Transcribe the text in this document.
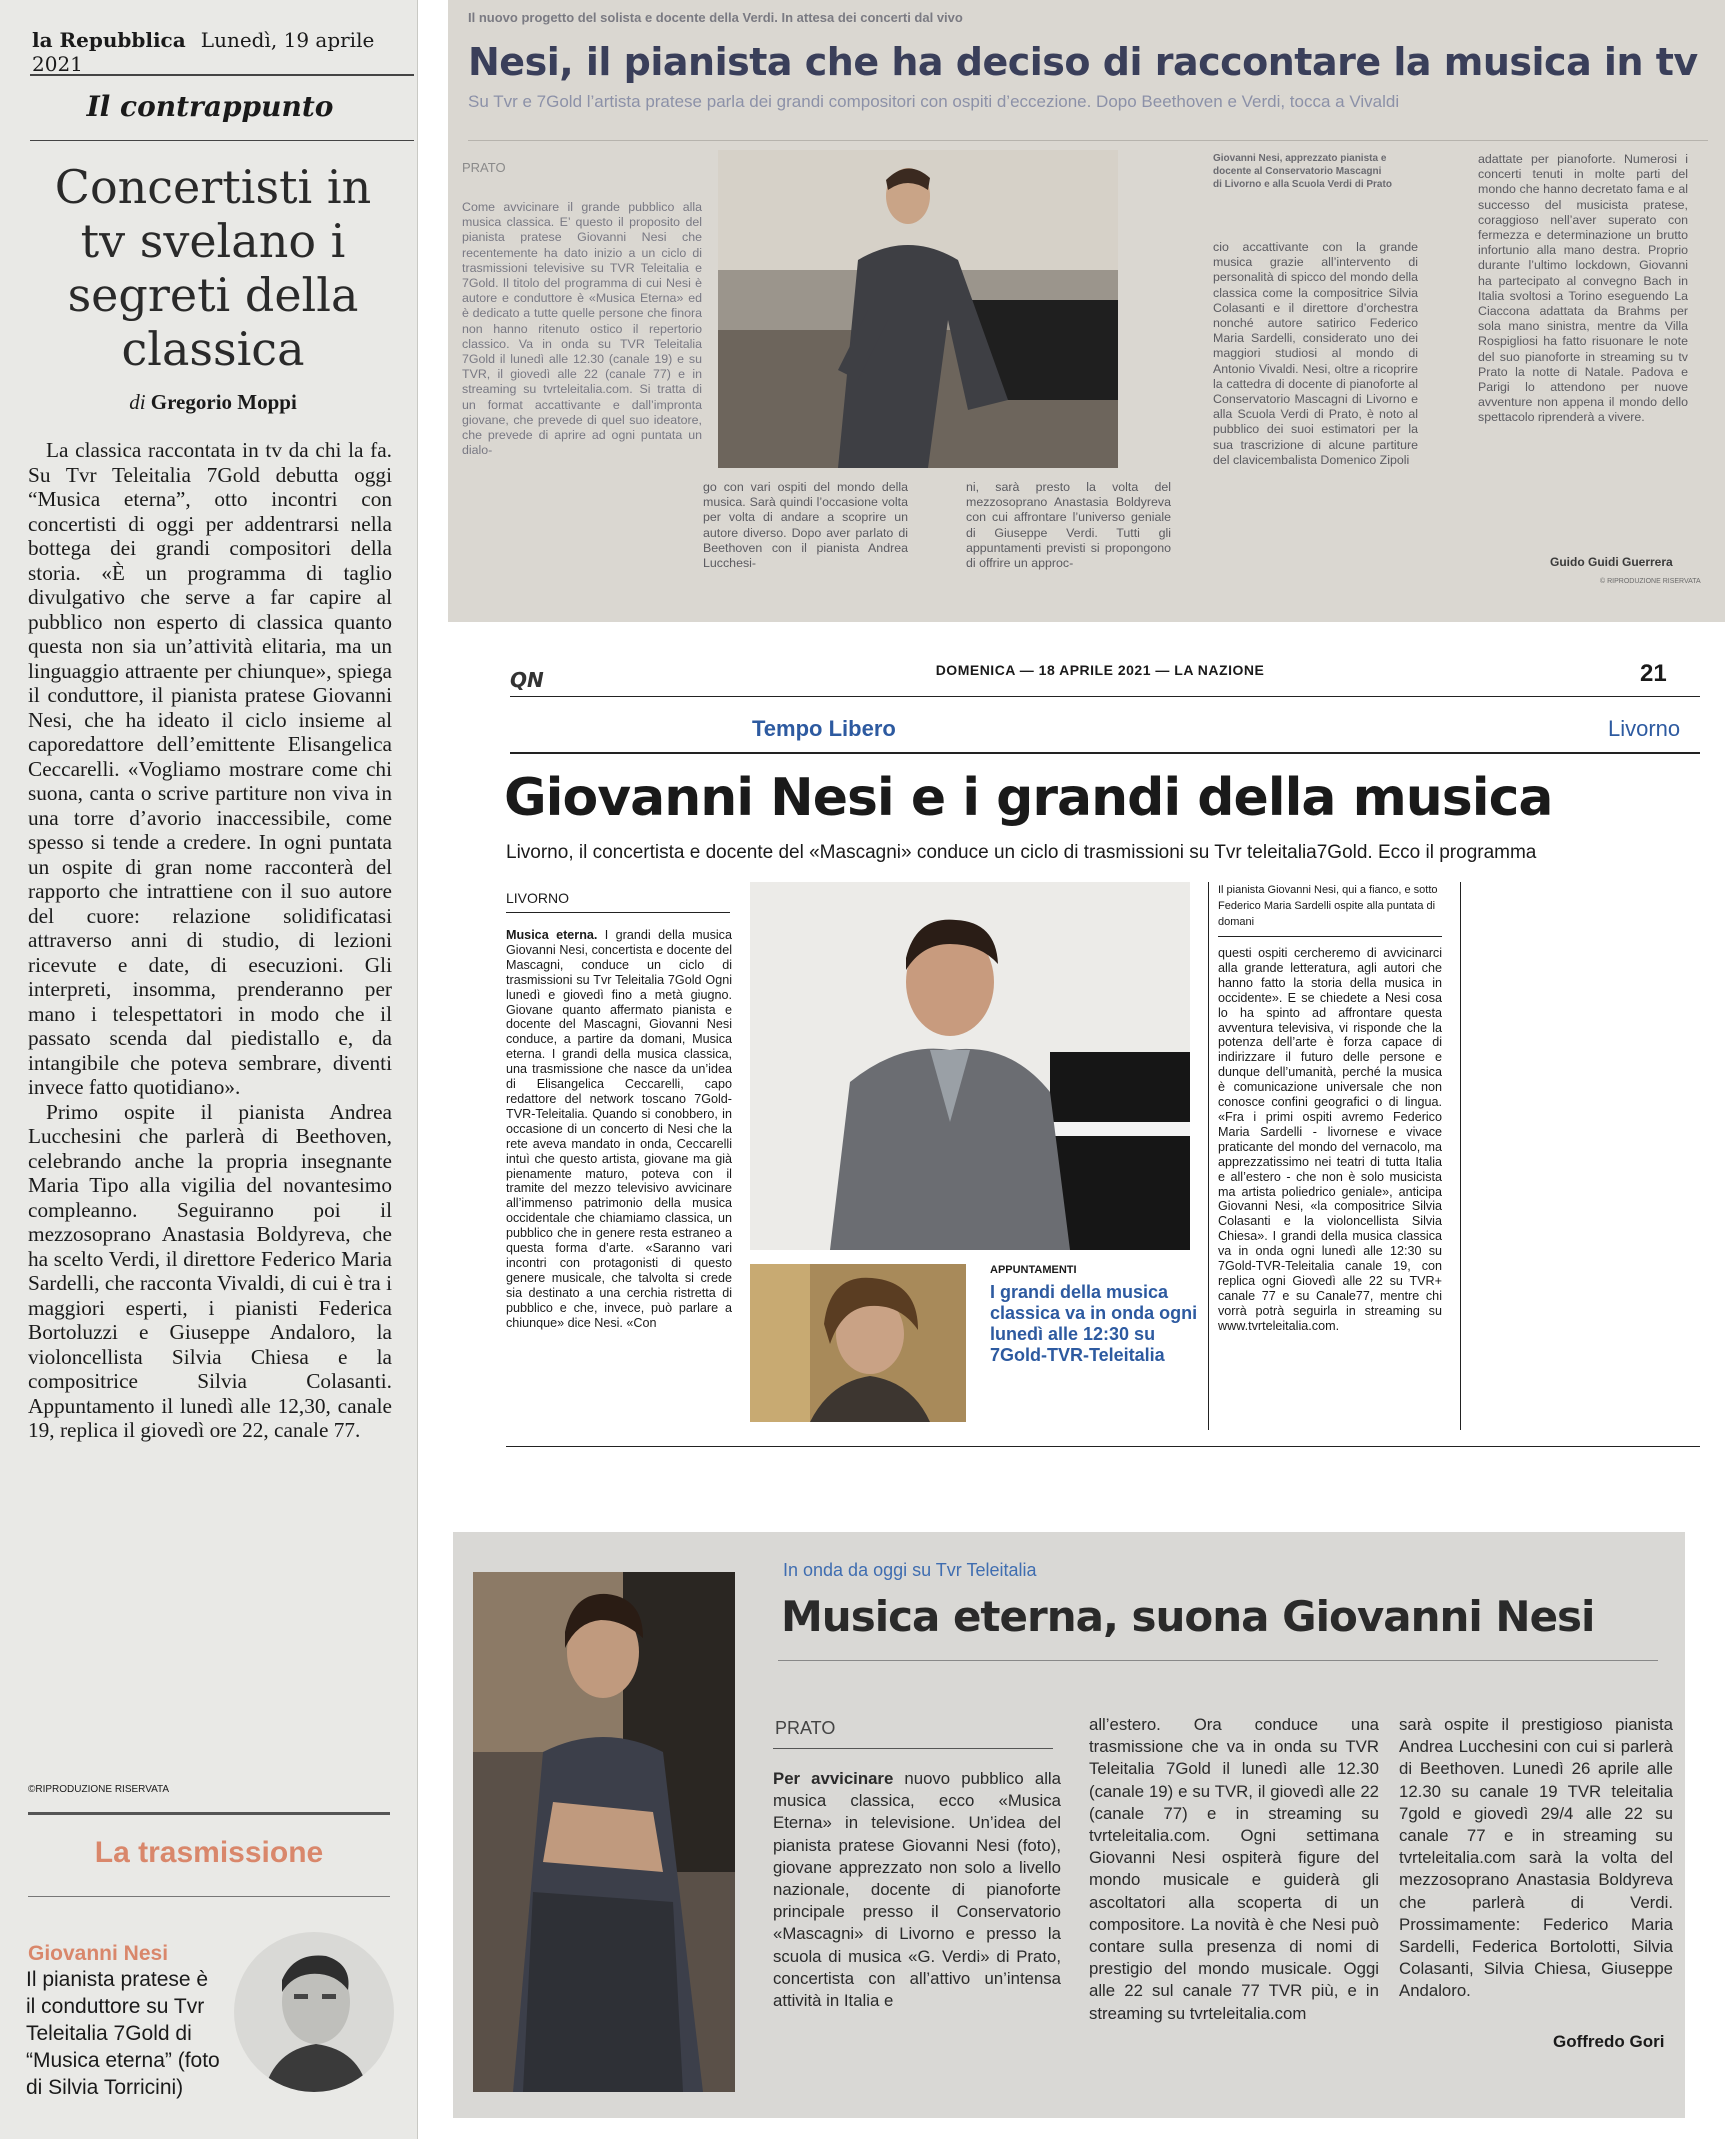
la Repubblica Lunedì, 19 aprile 2021
Il contrappunto
Concertisti in tv svelano i segreti della classica
di Gregorio Moppi

La classica raccontata in tv da chi la fa. Su Tvr Teleitalia 7Gold debutta oggi “Musica eterna”, otto incontri con concertisti di oggi per addentrarsi nella bottega dei grandi compositori della storia. «È un programma di taglio divulgativo che serve a far capire al pubblico non esperto di classica quanto questa non sia un’attività elitaria, ma un linguaggio attraente per chiunque», spiega il conduttore, il pianista pratese Giovanni Nesi, che ha ideato il ciclo insieme al caporedattore dell’emittente Elisangelica Ceccarelli. «Vogliamo mostrare come chi suona, canta o scrive partiture non viva in una torre d’avorio inaccessibile, come spesso si tende a credere. In ogni puntata un ospite di gran nome racconterà del rapporto che intrattiene con il suo autore del cuore: relazione solidificatasi attraverso anni di studio, di lezioni ricevute e date, di esecuzioni. Gli interpreti, insomma, prenderanno per mano i telespettatori in modo che il passato scenda dal piedistallo e, da intangibile che poteva sembrare, diventi invece fatto quotidiano».

Primo ospite il pianista Andrea Lucchesini che parlerà di Beethoven, celebrando anche la propria insegnante Maria Tipo alla vigilia del novantesimo compleanno. Seguiranno poi il mezzosoprano Anastasia Boldyreva, che ha scelto Verdi, il direttore Federico Maria Sardelli, che racconta Vivaldi, di cui è tra i maggiori esperti, i pianisti Federica Bortoluzzi e Giuseppe Andaloro, la violoncellista Silvia Chiesa e la compositrice Silvia Colasanti. Appuntamento il lunedì alle 12,30, canale 19, replica il giovedì ore 22, canale 77.

©RIPRODUZIONE RISERVATA
La trasmissione
Giovanni Nesi
Il pianista pratese è il conduttore su Tvr Teleitalia 7Gold di “Musica eterna” (foto di Silvia Torricini)
Il nuovo progetto del solista e docente della Verdi. In attesa dei concerti dal vivo
Nesi, il pianista che ha deciso di raccontare la musica in tv
Su Tvr e 7Gold l’artista pratese parla dei grandi compositori con ospiti d’eccezione. Dopo Beethoven e Verdi, tocca a Vivaldi
PRATO
Come avvicinare il grande pubblico alla musica classica. E’ questo il proposito del pianista pratese Giovanni Nesi che recentemente ha dato inizio a un ciclo di trasmissioni televisive su TVR Teleitalia e 7Gold. Il titolo del programma di cui Nesi è autore e conduttore è «Musica Eterna» ed è dedicato a tutte quelle persone che finora non hanno ritenuto ostico il repertorio classico. Va in onda su TVR Teleitalia 7Gold il lunedì alle 12.30 (canale 19) e su TVR, il giovedì alle 22 (canale 77) e in streaming su tvrteleitalia.com. Si tratta di un format accattivante e dall’impronta giovane, che prevede di quel suo ideatore, che prevede di aprire ad ogni puntata un dialo-
Giovanni Nesi, apprezzato pianista e docente al Conservatorio Mascagni di Livorno e alla Scuola Verdi di Prato
go con vari ospiti del mondo della musica. Sarà quindi l’occasione volta per volta di andare a scoprire un autore diverso. Dopo aver parlato di Beethoven con il pianista Andrea Lucchesi-
ni, sarà presto la volta del mezzosoprano Anastasia Boldyreva con cui affrontare l’universo geniale di Giuseppe Verdi. Tutti gli appuntamenti previsti si propongono di offrire un approc-
cio accattivante con la grande musica grazie all’intervento di personalità di spicco del mondo della classica come la compositrice Silvia Colasanti e il direttore d’orchestra nonché autore satirico Federico Maria Sardelli, considerato uno dei maggiori studiosi al mondo di Antonio Vivaldi. Nesi, oltre a ricoprire la cattedra di docente di pianoforte al Conservatorio Mascagni di Livorno e alla Scuola Verdi di Prato, è noto al pubblico dei suoi estimatori per la sua trascrizione di alcune partiture del clavicembalista Domenico Zipoli
adattate per pianoforte. Numerosi i concerti tenuti in molte parti del mondo che hanno decretato fama e al successo del musicista pratese, coraggioso nell’aver superato con fermezza e determinazione un brutto infortunio alla mano destra. Proprio durante l’ultimo lockdown, Giovanni ha partecipato al convegno Bach in Italia svoltosi a Torino eseguendo La Ciaccona adattata da Brahms per sola mano sinistra, mentre da Villa Rospigliosi ha fatto risuonare le note del suo pianoforte in streaming su tv Prato la notte di Natale. Padova e Parigi lo attendono per nuove avventure non appena il mondo dello spettacolo riprenderà a vivere.
Guido Guidi Guerrera
© RIPRODUZIONE RISERVATA
QN	DOMENICA — 18 APRILE 2021 — LA NAZIONE	21
Tempo Libero	Livorno
Giovanni Nesi e i grandi della musica
Livorno, il concertista e docente del «Mascagni» conduce un ciclo di trasmissioni su Tvr teleitalia7Gold. Ecco il programma
LIVORNO
Musica eterna. I grandi della musica Giovanni Nesi, concertista e docente del Mascagni, conduce un ciclo di trasmissioni su Tvr Teleitalia 7Gold Ogni lunedì e giovedì fino a metà giugno. Giovane quanto affermato pianista e docente del Mascagni, Giovanni Nesi conduce, a partire da domani, Musica eterna. I grandi della musica classica, una trasmissione che nasce da un’idea di Elisangelica Ceccarelli, capo redattore del network toscano 7Gold-TVR-Teleitalia. Quando si conobbero, in occasione di un concerto di Nesi che la rete aveva mandato in onda, Ceccarelli intuì che questo artista, giovane ma già pienamente maturo, poteva con il tramite del mezzo televisivo avvicinare all’immenso patrimonio della musica occidentale che chiamiamo classica, un pubblico che in genere resta estraneo a questa forma d’arte. «Saranno vari incontri con protagonisti di questo genere musicale, che talvolta si crede sia destinato a una cerchia ristretta di pubblico e che, invece, può parlare a chiunque» dice Nesi. «Con
APPUNTAMENTI
I grandi della musica classica va in onda ogni lunedì alle 12:30 su 7Gold-TVR-Teleitalia
Il pianista Giovanni Nesi, qui a fianco, e sotto Federico Maria Sardelli ospite alla puntata di domani
questi ospiti cercheremo di avvicinarci alla grande letteratura, agli autori che hanno fatto la storia della musica in occidente». E se chiedete a Nesi cosa lo ha spinto ad affrontare questa avventura televisiva, vi risponde che la potenza dell’arte è forza capace di indirizzare il futuro delle persone e dunque dell’umanità, perché la musica è comunicazione universale che non conosce confini geografici o di lingua. «Fra i primi ospiti avremo Federico Maria Sardelli - livornese e vivace praticante del mondo del vernacolo, ma apprezzatissimo nei teatri di tutta Italia e all’estero - che non è solo musicista ma artista poliedrico geniale», anticipa Giovanni Nesi, «la compositrice Silvia Colasanti e la violoncellista Silvia Chiesa». I grandi della musica classica va in onda ogni lunedì alle 12:30 su 7Gold-TVR-Teleitalia canale 19, con replica ogni Giovedì alle 22 su TVR+ canale 77 e su Canale77, mentre chi vorrà potrà seguirla in streaming su www.tvrteleitalia.com.
In onda da oggi su Tvr Teleitalia
Musica eterna, suona Giovanni Nesi
PRATO
Per avvicinare nuovo pubblico alla musica classica, ecco «Musica Eterna» in televisione. Un’idea del pianista pratese Giovanni Nesi (foto), giovane apprezzato non solo a livello nazionale, docente di pianoforte principale presso il Conservatorio «Mascagni» di Livorno e presso la scuola di musica «G. Verdi» di Prato, concertista con all’attivo un’intensa attività in Italia e
all’estero. Ora conduce una trasmissione che va in onda su TVR Teleitalia 7Gold il lunedì alle 12.30 (canale 19) e su TVR, il giovedì alle 22 (canale 77) e in streaming su tvrteleitalia.com. Ogni settimana Giovanni Nesi ospiterà figure del mondo musicale e guiderà gli ascoltatori alla scoperta di un compositore. La novità è che Nesi può contare sulla presenza di nomi di prestigio del mondo musicale. Oggi alle 22 sul canale 77 TVR più, e in streaming su tvrteleitalia.com
sarà ospite il prestigioso pianista Andrea Lucchesini con cui si parlerà di Beethoven. Lunedì 26 aprile alle 12.30 su canale 19 TVR teleitalia 7gold e giovedì 29/4 alle 22 su canale 77 e in streaming su tvrteleitalia.com sarà la volta del mezzosoprano Anastasia Boldyreva che parlerà di Verdi. Prossimamente: Federico Maria Sardelli, Federica Bortolotti, Silvia Colasanti, Silvia Chiesa, Giuseppe Andaloro.
Goffredo Gori
